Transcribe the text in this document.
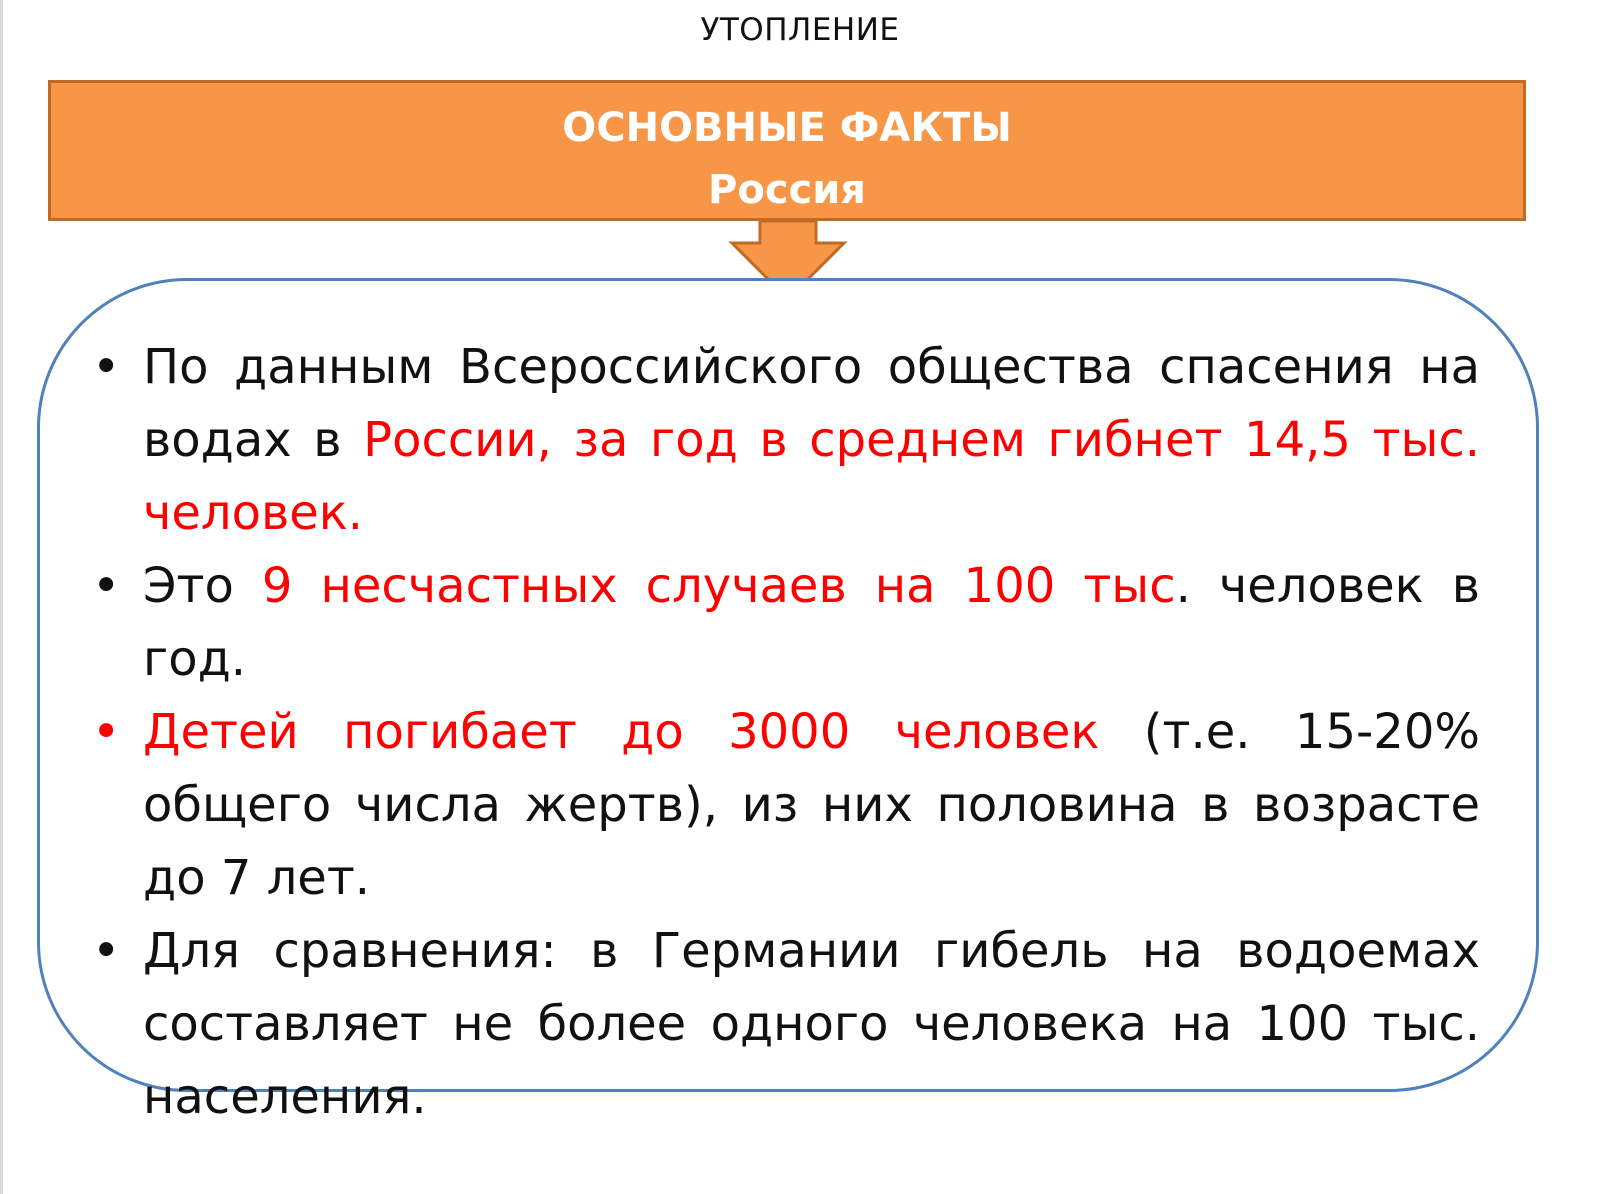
УТОПЛЕНИЕ
ОСНОВНЫЕ ФАКТЫ
Россия
• По данным Всероссийского общества спасения на водах в России, за год в среднем гибнет 14,5 тыс. человек.
• Это 9 несчастных случаев на 100 тыс. человек в год.
• Детей погибает до 3000 человек (т.е. 15-20% общего числа жертв), из них половина в возрасте до 7 лет.
• Для сравнения: в Германии гибель на водоемах составляет не более одного человека на 100 тыс. населения.
